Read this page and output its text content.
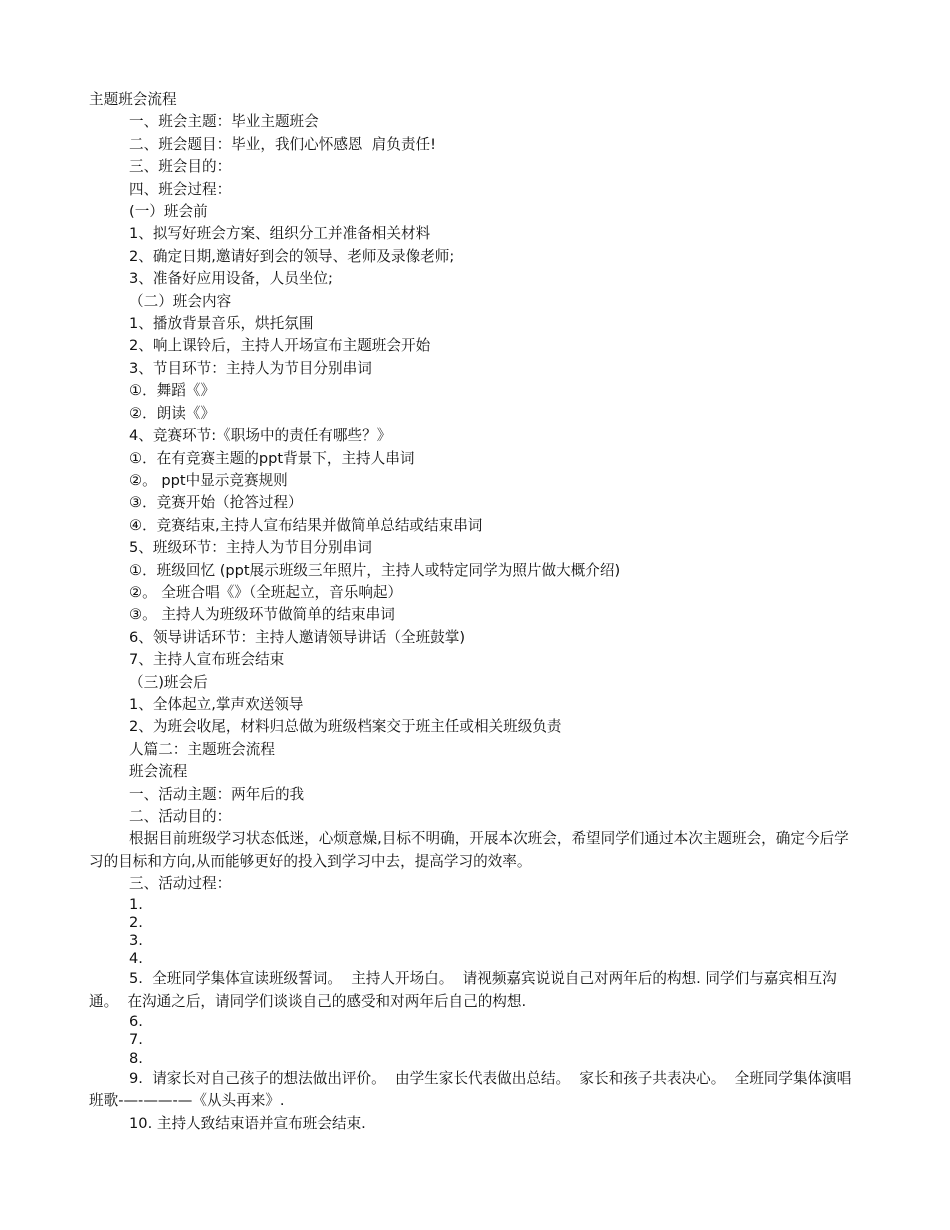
主题班会流程

一、班会主题：毕业主题班会

二、班会题目：毕业，我们心怀感恩  肩负责任!

三、班会目的：

四、班会过程：

(一）班会前

1、拟写好班会方案、组织分工并准备相关材料

2、确定日期,邀请好到会的领导、老师及录像老师;

3、准备好应用设备，人员坐位;

（二）班会内容

1、播放背景音乐，烘托氛围

2、响上课铃后，主持人开场宣布主题班会开始

3、节目环节：主持人为节目分别串词

①．舞蹈《》

②．朗读《》

4、竞赛环节:《职场中的责任有哪些？》

①．在有竞赛主题的ppt背景下，主持人串词

②。 ppt中显示竞赛规则

③．竞赛开始（抢答过程）

④．竞赛结束,主持人宣布结果并做简单总结或结束串词

5、班级环节：主持人为节目分别串词

①．班级回忆 (ppt展示班级三年照片，主持人或特定同学为照片做大概介绍)

②。 全班合唱《》（全班起立，音乐响起）

③。 主持人为班级环节做简单的结束串词

6、领导讲话环节：主持人邀请领导讲话（全班鼓掌)

7、主持人宣布班会结束

（三)班会后

1、全体起立,掌声欢送领导

2、为班会收尾，材料归总做为班级档案交于班主任或相关班级负责

人篇二：主题班会流程

班会流程

一、活动主题：两年后的我

二、活动目的：

根据目前班级学习状态低迷，心烦意燥,目标不明确，开展本次班会，希望同学们通过本次主题班会，确定今后学习的目标和方向,从而能够更好的投入到学习中去，提高学习的效率。

三、活动过程：

1.

2.

3.

4.

5.  全班同学集体宣读班级誓词。  主持人开场白。  请视频嘉宾说说自己对两年后的构想. 同学们与嘉宾相互沟通。  在沟通之后，请同学们谈谈自己的感受和对两年后自己的构想.

6.

7.

8.

9.  请家长对自己孩子的想法做出评价。  由学生家长代表做出总结。  家长和孩子共表决心。  全班同学集体演唱班歌-—-——-—《从头再来》.

10. 主持人致结束语并宣布班会结束.
